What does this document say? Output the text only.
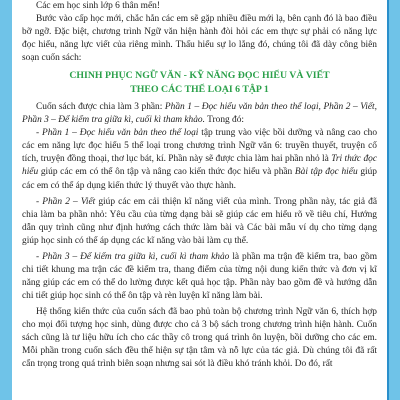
Các em học sinh lớp 6 thân mến!

Bước vào cấp học mới, chắc hẳn các em sẽ gặp nhiều điều mới lạ, bên cạnh đó là bao điều bỡ ngỡ. Đặc biệt, chương trình Ngữ văn hiện hành đòi hỏi các em thực sự phải có năng lực đọc hiểu, năng lực viết của riêng mình. Thấu hiểu sự lo lắng đó, chúng tôi đã dày công biên soạn cuốn sách:

CHINH PHỤC NGỮ VĂN - KỸ NĂNG ĐỌC HIỂU VÀ VIẾT
THEO CÁC THỂ LOẠI 6 TẬP 1

Cuốn sách được chia làm 3 phần: Phần 1 – Đọc hiểu văn bản theo thể loại, Phần 2 – Viết, Phần 3 – Để kiểm tra giữa kì, cuối kì tham khảo. Trong đó:

- Phần 1 – Đọc hiểu văn bản theo thể loại tập trung vào việc bồi dưỡng và nâng cao cho các em năng lực đọc hiểu 5 thể loại trong chương trình Ngữ văn 6: truyền thuyết, truyện cổ tích, truyện đồng thoại, thơ lục bát, kí. Phần này sẽ được chia làm hai phần nhỏ là Tri thức đọc hiểu giúp các em có thể ôn tập và nâng cao kiến thức đọc hiểu và phần Bài tập đọc hiểu giúp các em có thể áp dụng kiến thức lý thuyết vào thực hành.

- Phần 2 – Viết giúp các em cải thiện kĩ năng viết của mình. Trong phần này, tác giả đã chia làm ba phần nhỏ: Yêu cầu của từng dạng bài sẽ giúp các em hiểu rõ về tiêu chí, Hướng dẫn quy trình cũng như định hướng cách thức làm bài và Các bài mẫu ví dụ cho từng dạng giúp học sinh có thể áp dụng các kĩ năng vào bài làm cụ thể.

- Phần 3 – Để kiểm tra giữa kì, cuối kì tham khảo là phần ma trận đề kiểm tra, bao gồm chi tiết khung ma trận các đề kiểm tra, thang điểm của từng nội dung kiến thức và đơn vị kĩ năng giúp các em có thể do lường được kết quả học tập. Phần này bao gồm đề và hướng dẫn chi tiết giúp học sinh có thể ôn tập và rèn luyện kĩ năng làm bài.

Hệ thống kiến thức của cuốn sách đã bao phủ toàn bộ chương trình Ngữ văn 6, thích hợp cho mọi đối tượng học sinh, dùng được cho cả 3 bộ sách trong chương trình hiện hành. Cuốn sách cũng là tư liệu hữu ích cho các thầy cô trong quá trình ôn luyện, bồi dưỡng cho các em. Mỗi phần trong cuốn sách đều thể hiện sự tận tâm và nỗ lực của tác giả. Dù chúng tôi đã rất cẩn trọng trong quá trình biên soạn nhưng sai sót là điều khó tránh khỏi. Do đó, rất
